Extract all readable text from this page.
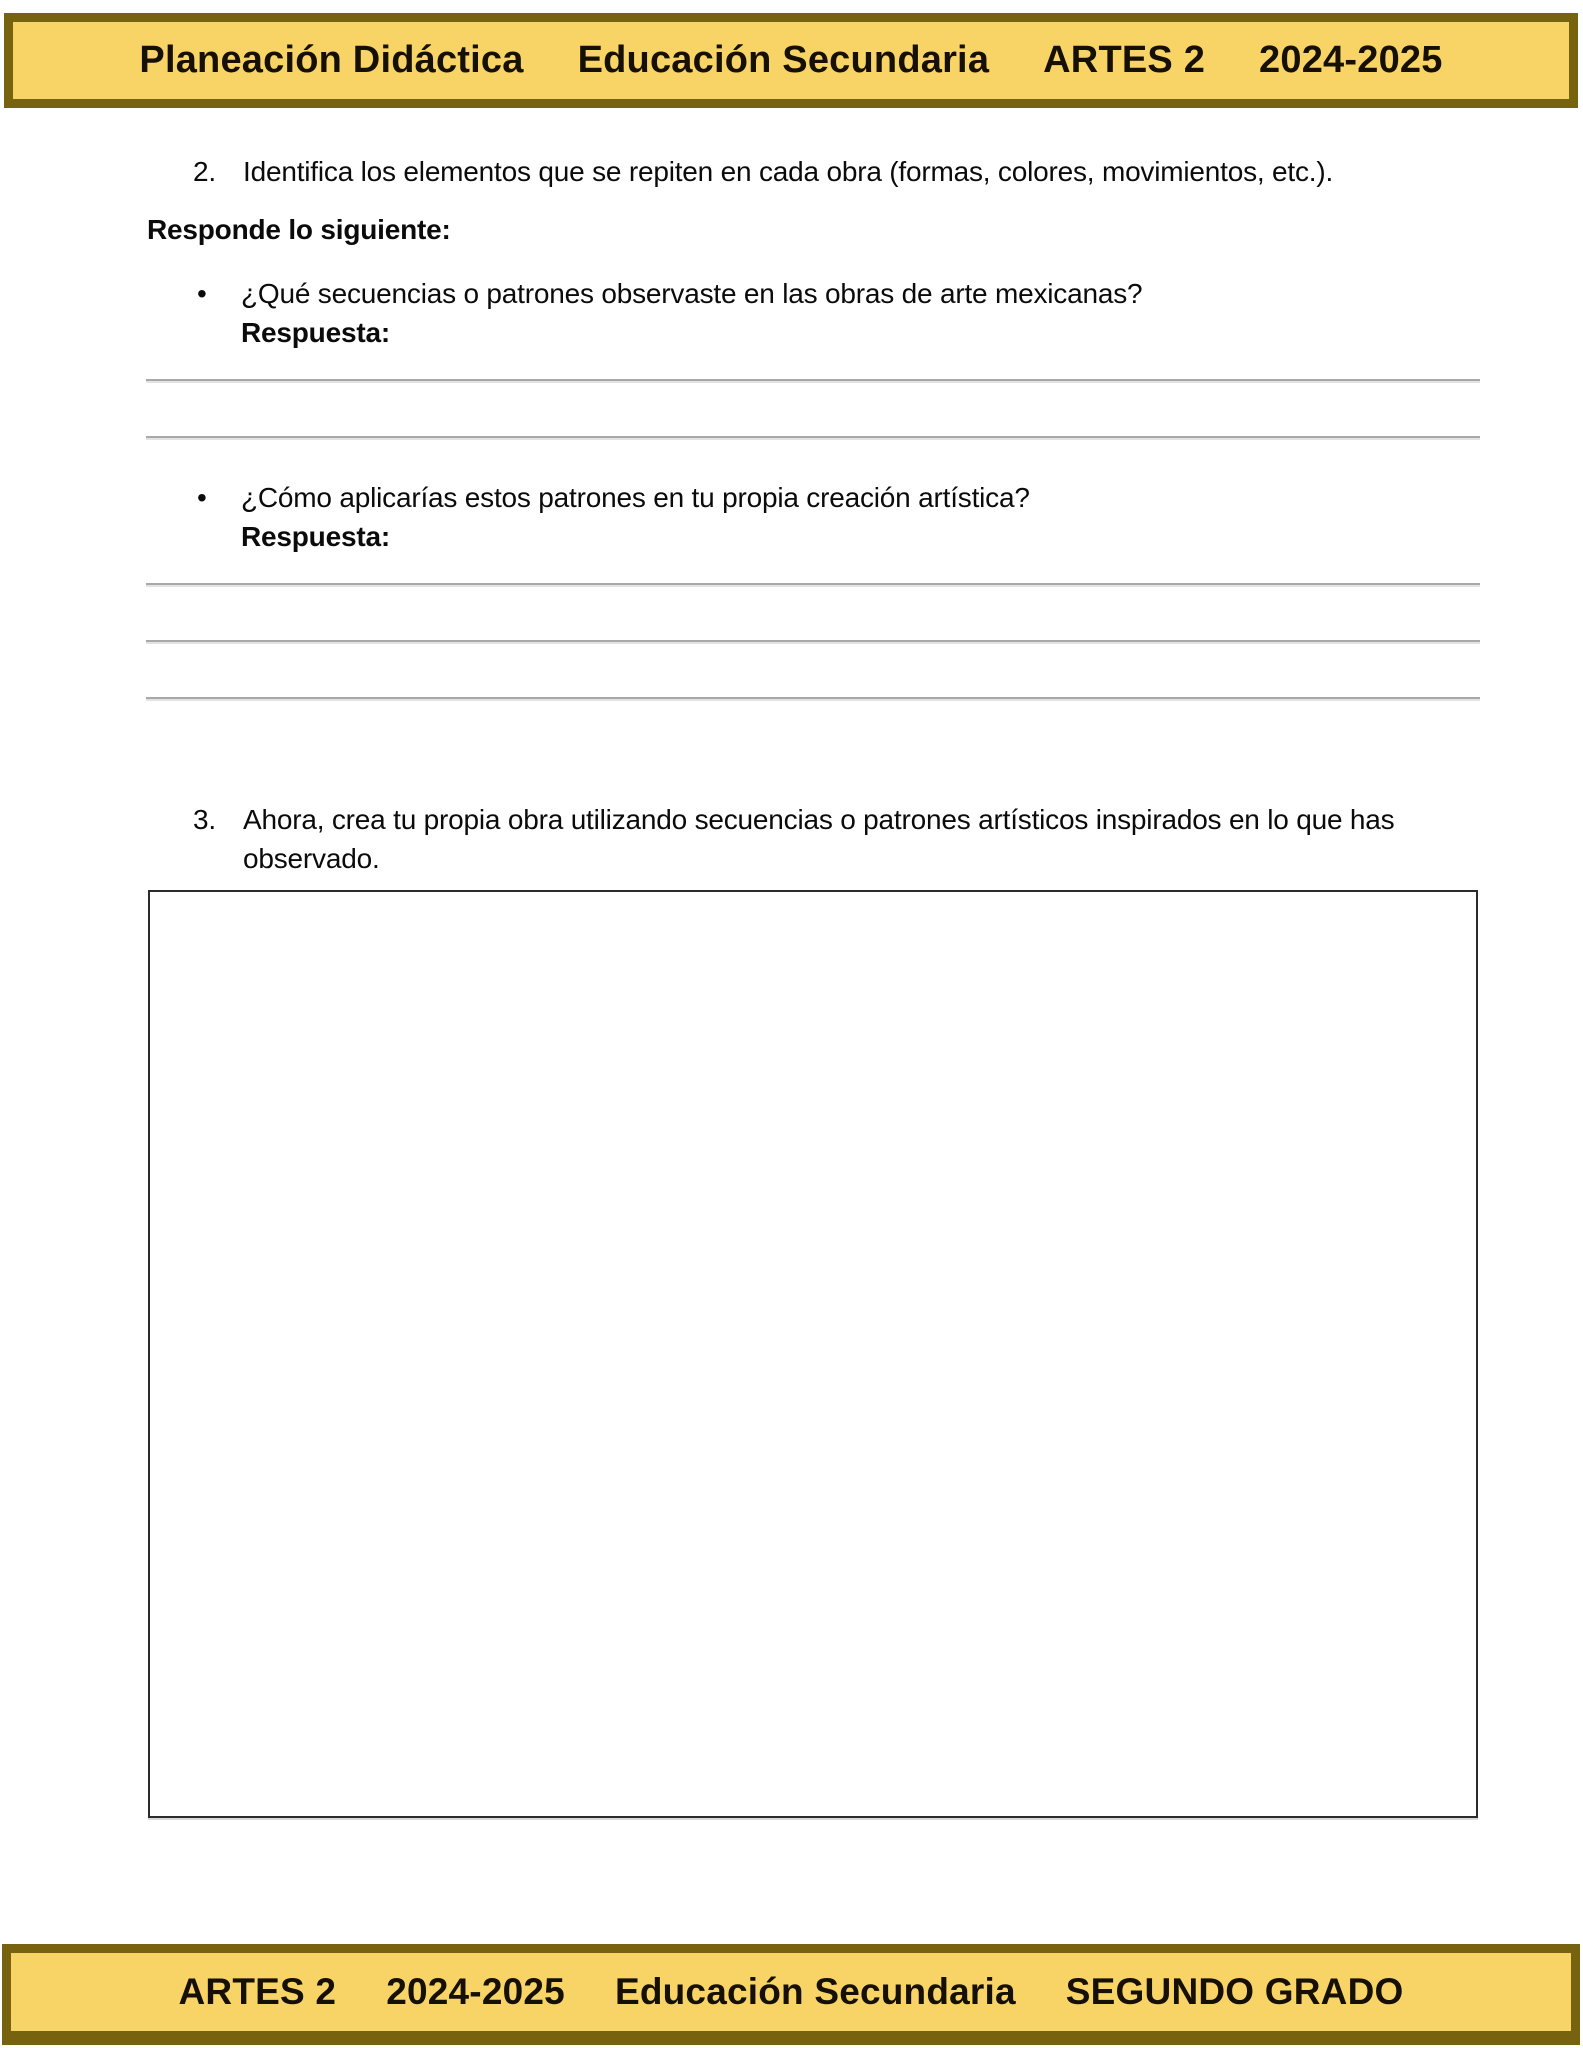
Planeación Didáctica Educación Secundaria ARTES 2 2024-2025
2. Identifica los elementos que se repiten en cada obra (formas, colores, movimientos, etc.).
Responde lo siguiente:
•	¿Qué secuencias o patrones observaste en las obras de arte mexicanas?
Respuesta:
•	¿Cómo aplicarías estos patrones en tu propia creación artística?
Respuesta:
3. Ahora, crea tu propia obra utilizando secuencias o patrones artísticos inspirados en lo que has observado.
ARTES 2 2024-2025 Educación Secundaria SEGUNDO GRADO
